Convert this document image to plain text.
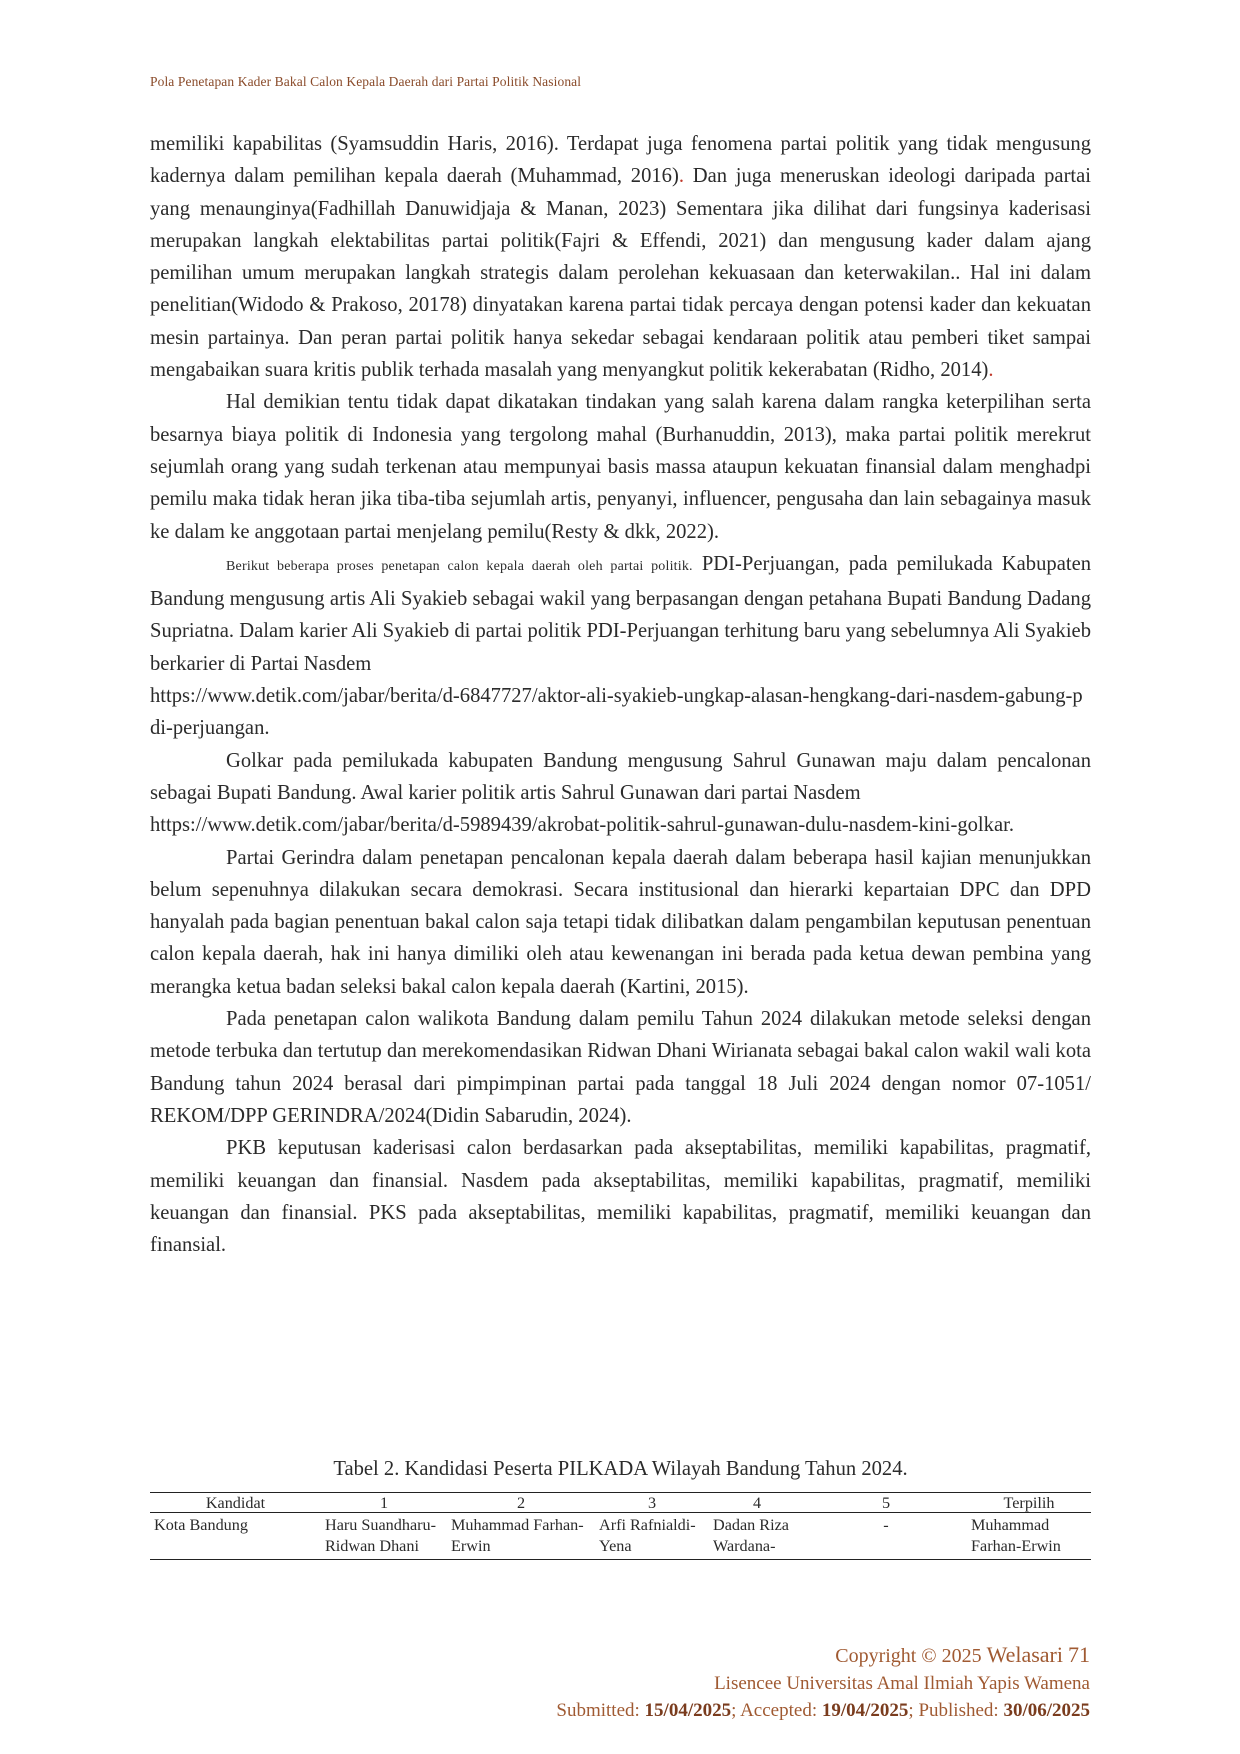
Pola Penetapan Kader Bakal Calon Kepala Daerah dari Partai Politik Nasional

memiliki kapabilitas (Syamsuddin Haris, 2016). Terdapat juga fenomena partai politik yang tidak mengusung kadernya dalam pemilihan kepala daerah (Muhammad, 2016). Dan juga meneruskan ideologi daripada partai yang menaunginya(Fadhillah Danuwidjaja & Manan, 2023) Sementara jika dilihat dari fungsinya kaderisasi merupakan langkah elektabilitas partai politik(Fajri & Effendi, 2021) dan mengusung kader dalam ajang pemilihan umum merupakan langkah strategis dalam perolehan kekuasaan dan keterwakilan.. Hal ini dalam penelitian(Widodo & Prakoso, 20178) dinyatakan karena partai tidak percaya dengan potensi kader dan kekuatan mesin partainya. Dan peran partai politik hanya sekedar sebagai kendaraan politik atau pemberi tiket sampai mengabaikan suara kritis publik terhada masalah yang menyangkut politik kekerabatan (Ridho, 2014).

Hal demikian tentu tidak dapat dikatakan tindakan yang salah karena dalam rangka keterpilihan serta besarnya biaya politik di Indonesia yang tergolong mahal (Burhanuddin, 2013), maka partai politik merekrut sejumlah orang yang sudah terkenan atau mempunyai basis massa ataupun kekuatan finansial dalam menghadpi pemilu maka tidak heran jika tiba-tiba sejumlah artis, penyanyi, influencer, pengusaha dan lain sebagainya masuk ke dalam ke anggotaan partai menjelang pemilu(Resty & dkk, 2022).

Berikut beberapa proses penetapan calon kepala daerah oleh partai politik. PDI-Perjuangan, pada pemilukada Kabupaten Bandung mengusung artis Ali Syakieb sebagai wakil yang berpasangan dengan petahana Bupati Bandung Dadang Supriatna. Dalam karier Ali Syakieb di partai politik PDI-Perjuangan terhitung baru yang sebelumnya Ali Syakieb berkarier di Partai Nasdem

https://www.detik.com/jabar/berita/d-6847727/aktor-ali-syakieb-ungkap-alasan-hengkang-dari-nasdem-gabung-pdi-perjuangan.

Golkar pada pemilukada kabupaten Bandung mengusung Sahrul Gunawan maju dalam pencalonan sebagai Bupati Bandung. Awal karier politik artis Sahrul Gunawan dari partai Nasdem

https://www.detik.com/jabar/berita/d-5989439/akrobat-politik-sahrul-gunawan-dulu-nasdem-kini-golkar.

Partai Gerindra dalam penetapan pencalonan kepala daerah dalam beberapa hasil kajian menunjukkan belum sepenuhnya dilakukan secara demokrasi. Secara institusional dan hierarki kepartaian DPC dan DPD hanyalah pada bagian penentuan bakal calon saja tetapi tidak dilibatkan dalam pengambilan keputusan penentuan calon kepala daerah, hak ini hanya dimiliki oleh atau kewenangan ini berada pada ketua dewan pembina yang merangka ketua badan seleksi bakal calon kepala daerah (Kartini, 2015).

Pada penetapan calon walikota Bandung dalam pemilu Tahun 2024 dilakukan metode seleksi dengan metode terbuka dan tertutup dan merekomendasikan Ridwan Dhani Wirianata sebagai bakal calon wakil wali kota Bandung tahun 2024 berasal dari pimpimpinan partai pada tanggal 18 Juli 2024 dengan nomor 07-1051/ REKOM/DPP GERINDRA/2024(Didin Sabarudin, 2024).

PKB keputusan kaderisasi calon berdasarkan pada akseptabilitas, memiliki kapabilitas, pragmatif, memiliki keuangan dan finansial. Nasdem pada akseptabilitas, memiliki kapabilitas, pragmatif, memiliki keuangan dan finansial. PKS pada akseptabilitas, memiliki kapabilitas, pragmatif, memiliki keuangan dan finansial.

Tabel 2. Kandidasi Peserta PILKADA Wilayah Bandung Tahun 2024.
Kandidat	1	2	3	4	5	Terpilih
Kota Bandung	Haru Suandharu-Ridwan Dhani	Muhammad Farhan-Erwin	Arfi Rafnialdi-Yena	Dadan Riza Wardana-	-	Muhammad Farhan-Erwin
Copyright © 2025 Welasari 71
Lisencee Universitas Amal Ilmiah Yapis Wamena
Submitted: 15/04/2025; Accepted: 19/04/2025; Published: 30/06/2025
